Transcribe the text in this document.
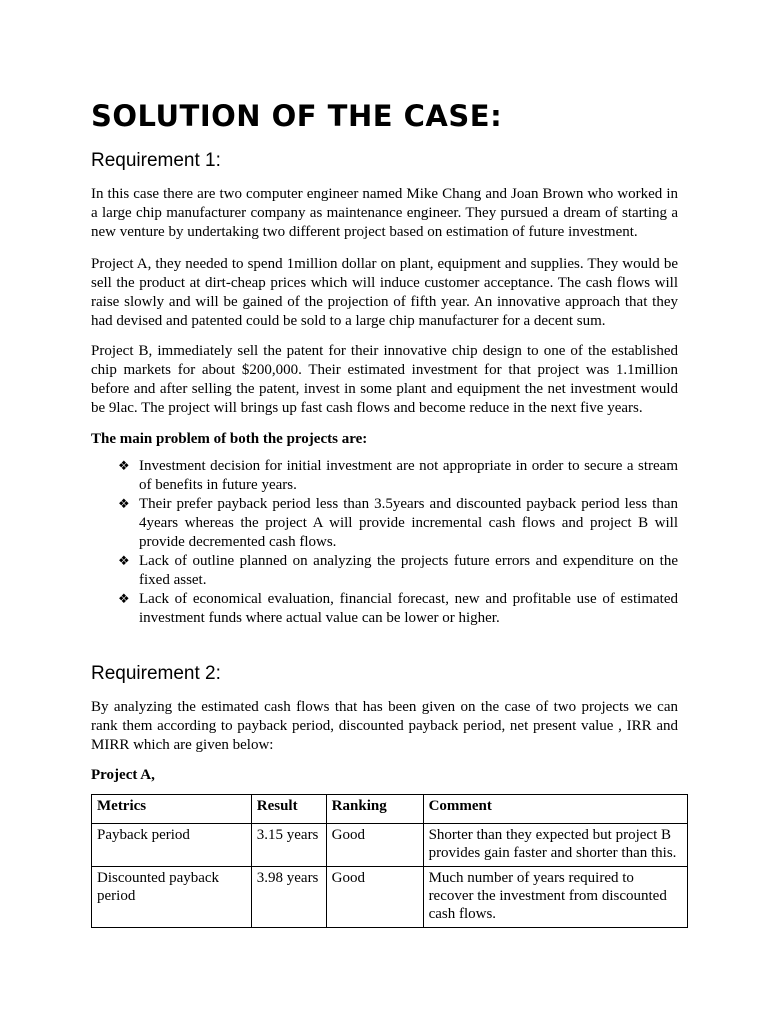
SOLUTION OF THE CASE:
Requirement 1:

In this case there are two computer engineer named Mike Chang and Joan Brown who worked in a large chip manufacturer company as maintenance engineer. They pursued a dream of starting a new venture by undertaking two different project based on estimation of future investment.

Project A, they needed to spend 1million dollar on plant, equipment and supplies. They would be sell the product at dirt-cheap prices which will induce customer acceptance. The cash flows will raise slowly and will be gained of the projection of fifth year. An innovative approach that they had devised and patented could be sold to a large chip manufacturer for a decent sum.

Project B, immediately sell the patent for their innovative chip design to one of the established chip markets for about $200,000. Their estimated investment for that project was 1.1million before and after selling the patent, invest in some plant and equipment the net investment would be 9lac. The project will brings up fast cash flows and become reduce in the next five years.

The main problem of both the projects are:

❖ Investment decision for initial investment are not appropriate in order to secure a stream of benefits in future years.
❖ Their prefer payback period less than 3.5years and discounted payback period less than 4years whereas the project A will provide incremental cash flows and project B will provide decremented cash flows.
❖ Lack of outline planned on analyzing the projects future errors and expenditure on the fixed asset.
❖ Lack of economical evaluation, financial forecast, new and profitable use of estimated investment funds where actual value can be lower or higher.
Requirement 2:

By analyzing the estimated cash flows that has been given on the case of two projects we can rank them according to payback period, discounted payback period, net present value , IRR and MIRR which are given below:

Project A,

Metrics	Result	Ranking	Comment
Payback period	3.15 years	Good	Shorter than they expected but project B provides gain faster and shorter than this.
Discounted payback period	3.98 years	Good	Much number of years required to recover the investment from discounted cash flows.
